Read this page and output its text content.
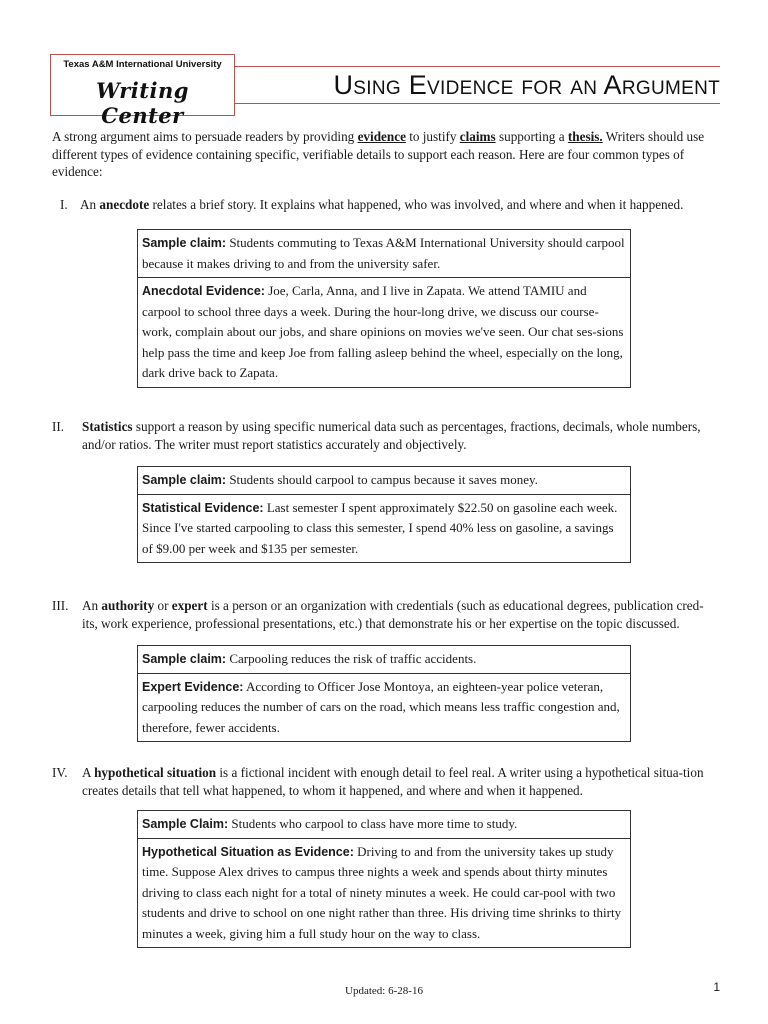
Texas A&M International University
Writing Center
Using Evidence for an Argument
A strong argument aims to persuade readers by providing evidence to justify claims supporting a thesis. Writers should use different types of evidence containing specific, verifiable details to support each reason. Here are four common types of evidence:
I. An anecdote relates a brief story. It explains what happened, who was involved, and where and when it happened.
Sample claim: Students commuting to Texas A&M International University should carpool because it makes driving to and from the university safer.
Anecdotal Evidence: Joe, Carla, Anna, and I live in Zapata. We attend TAMIU and carpool to school three days a week. During the hour-long drive, we discuss our course-work, complain about our jobs, and share opinions on movies we've seen. Our chat ses-sions help pass the time and keep Joe from falling asleep behind the wheel, especially on the long, dark drive back to Zapata.
II.	Statistics support a reason by using specific numerical data such as percentages, fractions, decimals, whole numbers, and/or ratios. The writer must report statistics accurately and objectively.
Sample claim: Students should carpool to campus because it saves money.
Statistical Evidence: Last semester I spent approximately $22.50 on gasoline each week. Since I've started carpooling to class this semester, I spend 40% less on gasoline, a savings of $9.00 per week and $135 per semester.
III.	An authority or expert is a person or an organization with credentials (such as educational degrees, publication cred-its, work experience, professional presentations, etc.) that demonstrate his or her expertise on the topic discussed.
Sample claim: Carpooling reduces the risk of traffic accidents.
Expert Evidence: According to Officer Jose Montoya, an eighteen-year police veteran, carpooling reduces the number of cars on the road, which means less traffic congestion and, therefore, fewer accidents.
IV.	A hypothetical situation is a fictional incident with enough detail to feel real. A writer using a hypothetical situa-tion creates details that tell what happened, to whom it happened, and where and when it happened.
Sample Claim: Students who carpool to class have more time to study.
Hypothetical Situation as Evidence: Driving to and from the university takes up study time. Suppose Alex drives to campus three nights a week and spends about thirty minutes driving to class each night for a total of ninety minutes a week. He could car-pool with two students and drive to school on one night rather than three. His driving time shrinks to thirty minutes a week, giving him a full study hour on the way to class.
Updated: 6-28-16	1
